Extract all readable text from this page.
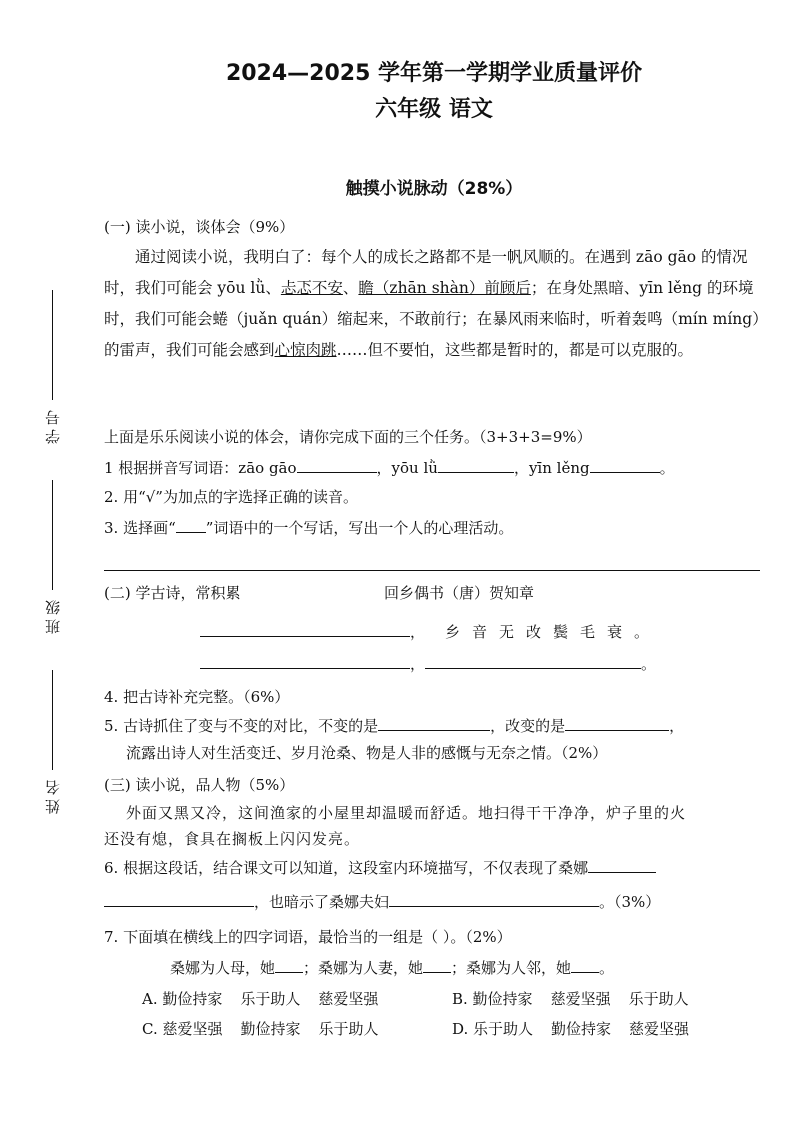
学号
班级
姓名
2024—2025 学年第一学期学业质量评价
六年级 语文
触摸小说脉动（28%）
(一) 读小说，谈体会（9%）
通过阅读小说，我明白了：每个人的成长之路都不是一帆风顺的。在遇到 zāo gāo 的情况时，我们可能会 yōu lǜ、忐忑不安、瞻（zhān shàn）前顾后；在身处黑暗、yīn lěng 的环境时，我们可能会蜷（juǎn quán）缩起来，不敢前行；在暴风雨来临时，听着轰鸣（mín míng）的雷声，我们可能会感到心惊肉跳……但不要怕，这些都是暂时的，都是可以克服的。
上面是乐乐阅读小说的体会，请你完成下面的三个任务。（3+3+3=9%）
1 根据拼音写词语：zāo gāo	，yōu lǜ	，yīn lěng	。
2. 用“√”为加点的字选择正确的读音。
3. 选择画“ ”词语中的一个写话，写出一个人的心理活动。
(二) 学古诗，常积累	回乡偶书（唐）贺知章
， 乡音无改鬓毛衰。
，	。
4. 把古诗补充完整。（6%）
5. 古诗抓住了变与不变的对比，不变的是	，改变的是	，
流露出诗人对生活变迁、岁月沧桑、物是人非的感慨与无奈之情。（2%）
(三) 读小说，品人物（5%）
外面又黑又冷，这间渔家的小屋里却温暖而舒适。地扫得干干净净，炉子里的火
还没有熄，食具在搁板上闪闪发亮。
6. 根据这段话，结合课文可以知道，这段室内环境描写，不仅表现了桑娜
，也暗示了桑娜夫妇	。（3%）
7. 下面填在横线上的四字词语，最恰当的一组是（ ）。（2%）
桑娜为人母，她 ；桑娜为人妻，她 ；桑娜为人邻，她 。
A. 勤俭持家 乐于助人 慈爱坚强	B. 勤俭持家 慈爱坚强 乐于助人
C. 慈爱坚强 勤俭持家 乐于助人	D. 乐于助人 勤俭持家 慈爱坚强
